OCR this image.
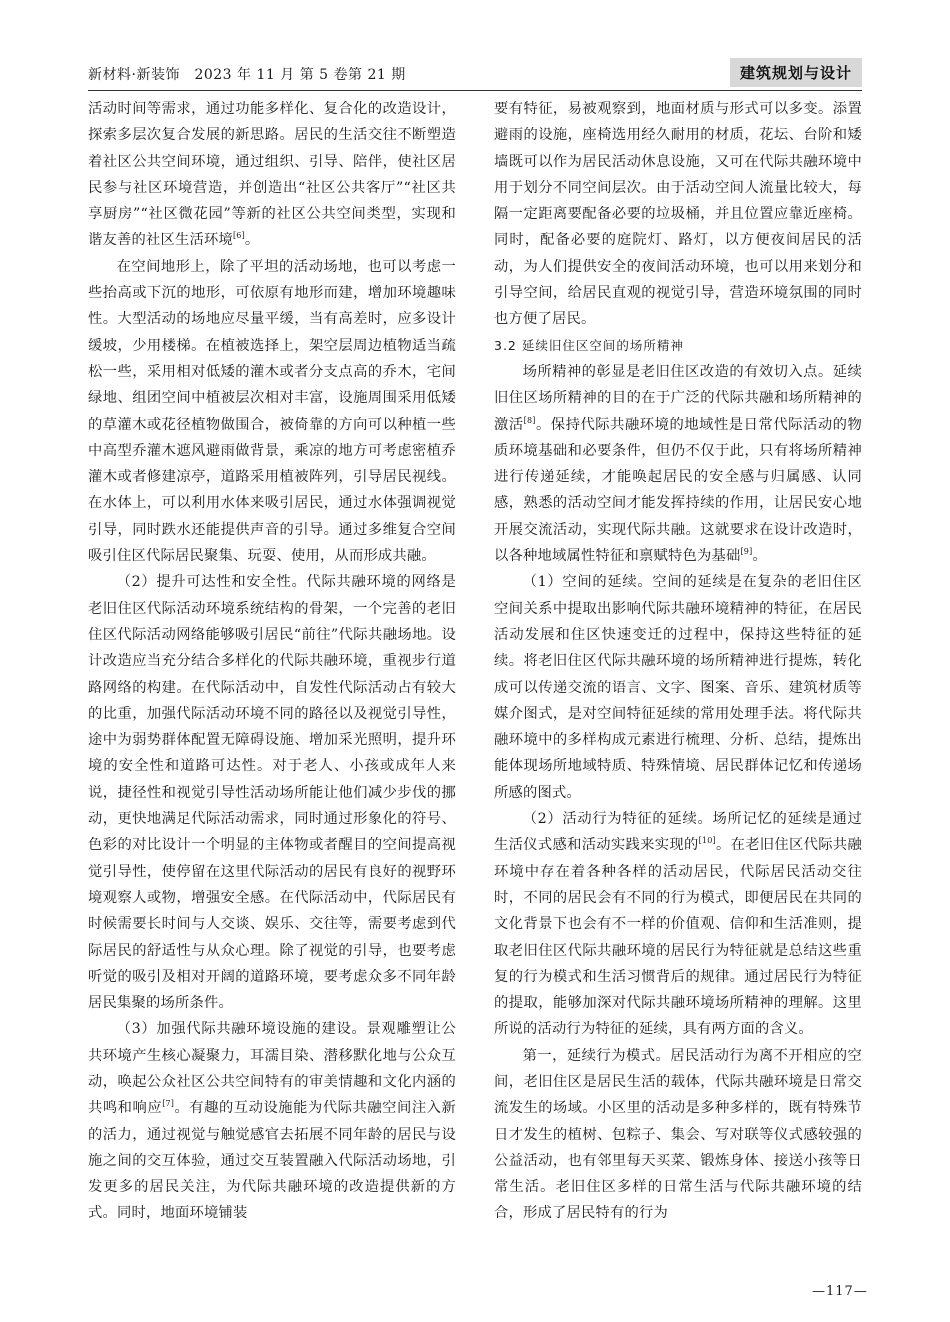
新材料·新装饰　2023 年 11 月 第 5 卷第 21 期	建筑规划与设计

活动时间等需求，通过功能多样化、复合化的改造设计，探索多层次复合发展的新思路。居民的生活交往不断塑造着社区公共空间环境，通过组织、引导、陪伴，使社区居民参与社区环境营造，并创造出“社区公共客厅”“社区共享厨房”“社区微花园”等新的社区公共空间类型，实现和谐友善的社区生活环境[6]。

在空间地形上，除了平坦的活动场地，也可以考虑一些抬高或下沉的地形，可依原有地形而建，增加环境趣味性。大型活动的场地应尽量平缓，当有高差时，应多设计缓坡，少用楼梯。在植被选择上，架空层周边植物适当疏松一些，采用相对低矮的灌木或者分支点高的乔木，宅间绿地、组团空间中植被层次相对丰富，设施周围采用低矮的草灌木或花径植物做围合，被倚靠的方向可以种植一些中高型乔灌木遮风避雨做背景，乘凉的地方可考虑密植乔灌木或者修建凉亭，道路采用植被阵列，引导居民视线。在水体上，可以利用水体来吸引居民，通过水体强调视觉引导，同时跌水还能提供声音的引导。通过多维复合空间吸引住区代际居民聚集、玩耍、使用，从而形成共融。

（2）提升可达性和安全性。代际共融环境的网络是老旧住区代际活动环境系统结构的骨架，一个完善的老旧住区代际活动网络能够吸引居民“前往”代际共融场地。设计改造应当充分结合多样化的代际共融环境，重视步行道路网络的构建。在代际活动中，自发性代际活动占有较大的比重，加强代际活动环境不同的路径以及视觉引导性，途中为弱势群体配置无障碍设施、增加采光照明，提升环境的安全性和道路可达性。对于老人、小孩或成年人来说，捷径性和视觉引导性活动场所能让他们减少步伐的挪动，更快地满足代际活动需求，同时通过形象化的符号、色彩的对比设计一个明显的主体物或者醒目的空间提高视觉引导性，使停留在这里代际活动的居民有良好的视野环境观察人或物，增强安全感。在代际活动中，代际居民有时候需要长时间与人交谈、娱乐、交往等，需要考虑到代际居民的舒适性与从众心理。除了视觉的引导，也要考虑听觉的吸引及相对开阔的道路环境，要考虑众多不同年龄居民集聚的场所条件。

（3）加强代际共融环境设施的建设。景观雕塑让公共环境产生核心凝聚力，耳濡目染、潜移默化地与公众互动，唤起公众社区公共空间特有的审美情趣和文化内涵的共鸣和响应[7]。有趣的互动设施能为代际共融空间注入新的活力，通过视觉与触觉感官去拓展不同年龄的居民与设施之间的交互体验，通过交互装置融入代际活动场地，引发更多的居民关注，为代际共融环境的改造提供新的方式。同时，地面环境铺装

要有特征，易被观察到，地面材质与形式可以多变。添置避雨的设施，座椅选用经久耐用的材质，花坛、台阶和矮墙既可以作为居民活动休息设施，又可在代际共融环境中用于划分不同空间层次。由于活动空间人流量比较大，每隔一定距离要配备必要的垃圾桶，并且位置应靠近座椅。同时，配备必要的庭院灯、路灯，以方便夜间居民的活动，为人们提供安全的夜间活动环境，也可以用来划分和引导空间，给居民直观的视觉引导，营造环境氛围的同时也方便了居民。

3.2 延续旧住区空间的场所精神

场所精神的彰显是老旧住区改造的有效切入点。延续旧住区场所精神的目的在于广泛的代际共融和场所精神的激活[8]。保持代际共融环境的地域性是日常代际活动的物质环境基础和必要条件，但仍不仅于此，只有将场所精神进行传递延续，才能唤起居民的安全感与归属感、认同感，熟悉的活动空间才能发挥持续的作用，让居民安心地开展交流活动，实现代际共融。这就要求在设计改造时，以各种地域属性特征和禀赋特色为基础[9]。

（1）空间的延续。空间的延续是在复杂的老旧住区空间关系中提取出影响代际共融环境精神的特征，在居民活动发展和住区快速变迁的过程中，保持这些特征的延续。将老旧住区代际共融环境的场所精神进行提炼，转化成可以传递交流的语言、文字、图案、音乐、建筑材质等媒介图式，是对空间特征延续的常用处理手法。将代际共融环境中的多样构成元素进行梳理、分析、总结，提炼出能体现场所地域特质、特殊情境、居民群体记忆和传递场所感的图式。

（2）活动行为特征的延续。场所记忆的延续是通过生活仪式感和活动实践来实现的[10]。在老旧住区代际共融环境中存在着各种各样的活动居民，代际居民活动交往时，不同的居民会有不同的行为模式，即便居民在共同的文化背景下也会有不一样的价值观、信仰和生活准则，提取老旧住区代际共融环境的居民行为特征就是总结这些重复的行为模式和生活习惯背后的规律。通过居民行为特征的提取，能够加深对代际共融环境场所精神的理解。这里所说的活动行为特征的延续，具有两方面的含义。

第一，延续行为模式。居民活动行为离不开相应的空间，老旧住区是居民生活的载体，代际共融环境是日常交流发生的场域。小区里的活动是多种多样的，既有特殊节日才发生的植树、包粽子、集会、写对联等仪式感较强的公益活动，也有邻里每天买菜、锻炼身体、接送小孩等日常生活。老旧住区多样的日常生活与代际共融环境的结合，形成了居民特有的行为

—117—
